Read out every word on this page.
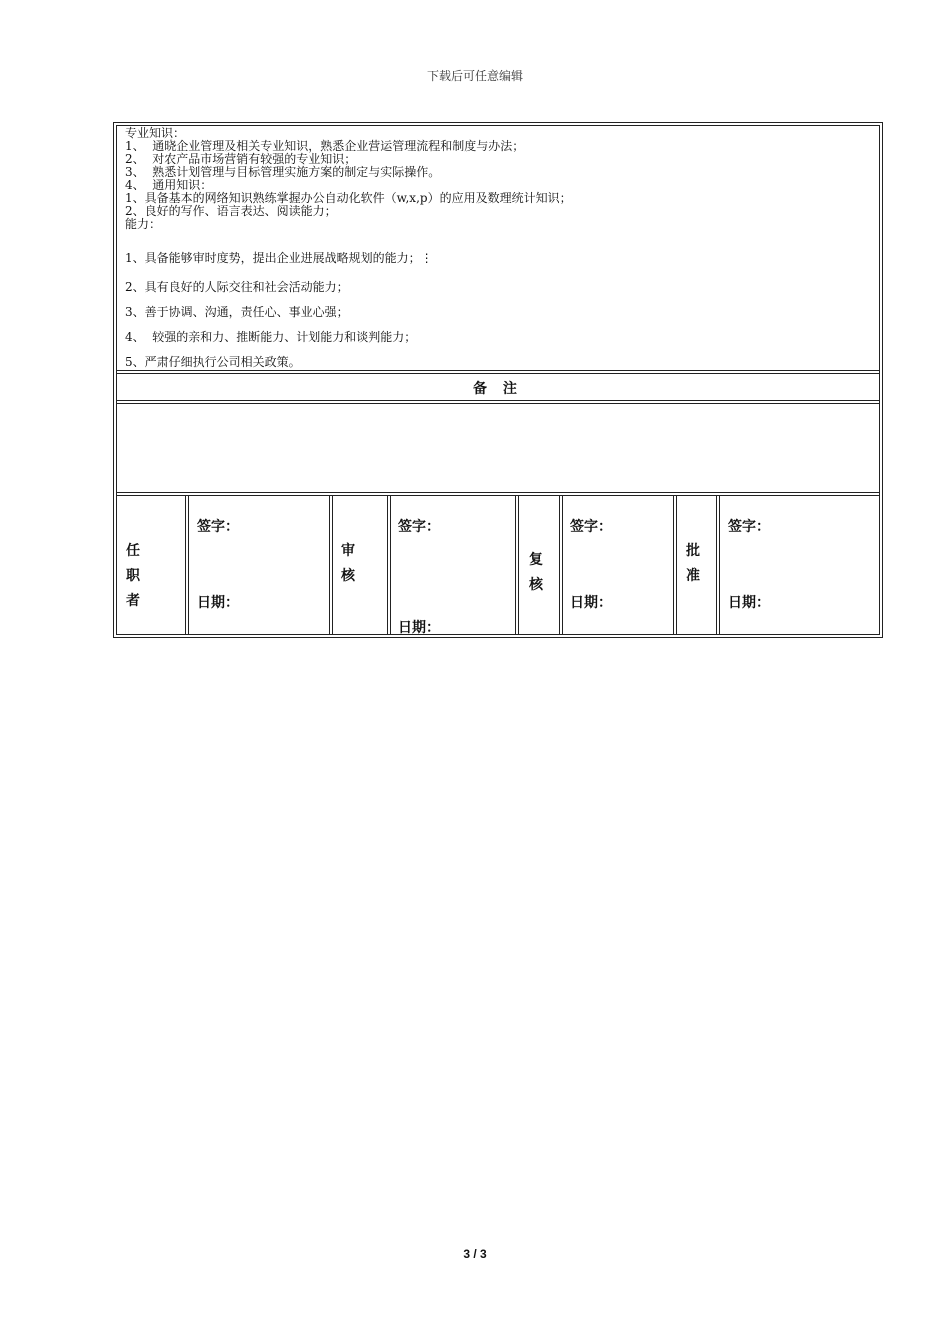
下载后可任意编辑
专业知识：
1、  通晓企业管理及相关专业知识，熟悉企业营运管理流程和制度与办法；
2、  对农产品市场营销有较强的专业知识；
3、  熟悉计划管理与目标管理实施方案的制定与实际操作。
4、  通用知识：
1、具备基本的网络知识熟练掌握办公自动化软件（w,x,p）的应用及数理统计知识；
2、良好的写作、语言表达、阅读能力；
能力：
1、具备能够审时度势，提出企业进展战略规划的能力；⋮
2、具有良好的人际交往和社会活动能力；
3、善于协调、沟通，责任心、事业心强；
4、  较强的亲和力、推断能力、计划能力和谈判能力；
5、严肃仔细执行公司相关政策。
备 注
任
职
者
签字：
日期：
审
核
签字：
日期：
复
核
签字：
日期：
批
准
签字：
日期：
3 / 3
